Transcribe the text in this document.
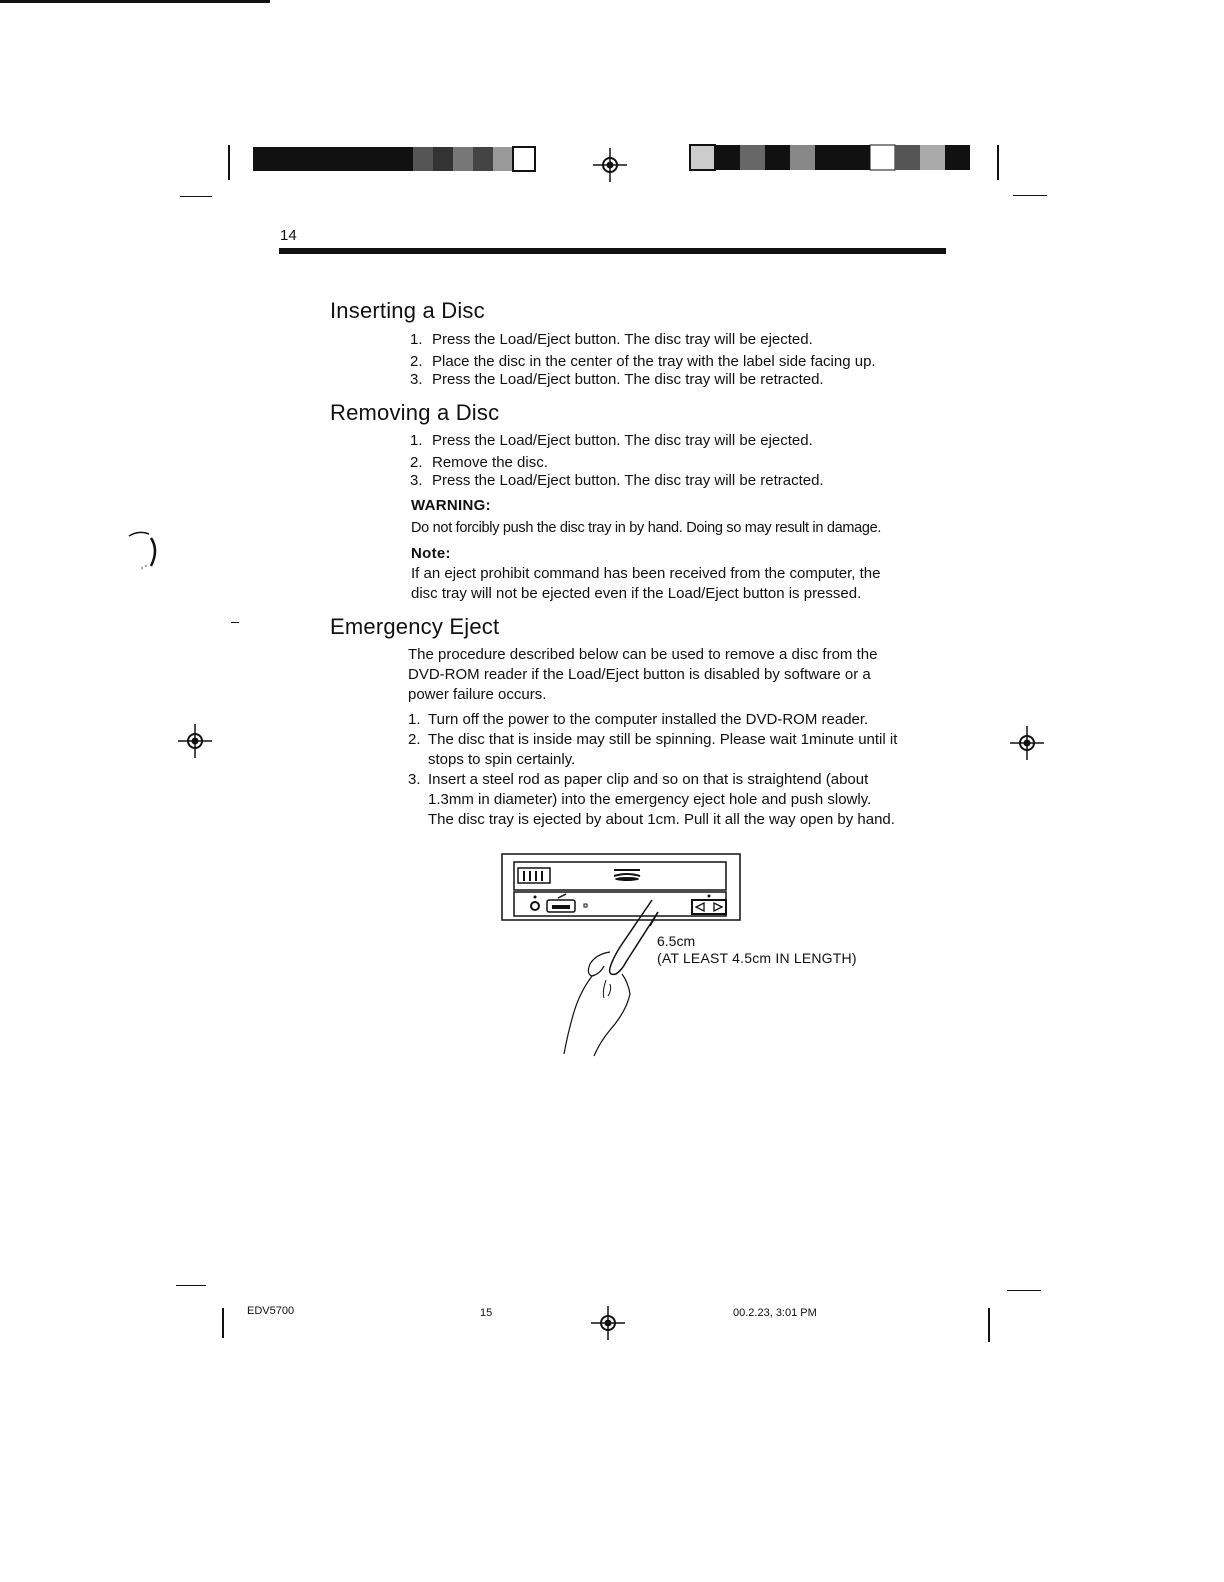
14
Inserting a Disc
1. Press the Load/Eject button. The disc tray will be ejected.
2. Place the disc in the center of the tray with the label side facing up.
3. Press the Load/Eject button. The disc tray will be retracted.
Removing a Disc
1. Press the Load/Eject button. The disc tray will be ejected.
2. Remove the disc.
3. Press the Load/Eject button. The disc tray will be retracted.
WARNING:
Do not forcibly push the disc tray in by hand. Doing so may result in damage.
Note:
If an eject prohibit command has been received from the computer, the
disc tray will not be ejected even if the Load/Eject button is pressed.
Emergency Eject
The procedure described below can be used to remove a disc from the
DVD-ROM reader if the Load/Eject button is disabled by software or a
power failure occurs.
1. Turn off the power to the computer installed the DVD-ROM reader.
2. The disc that is inside may still be spinning. Please wait 1minute until it
stops to spin certainly.
3. Insert a steel rod as paper clip and so on that is straightend (about
1.3mm in diameter) into the emergency eject hole and push slowly.
The disc tray is ejected by about 1cm. Pull it all the way open by hand.
6.5cm
(AT LEAST 4.5cm IN LENGTH)
EDV5700	15	00.2.23, 3:01 PM
